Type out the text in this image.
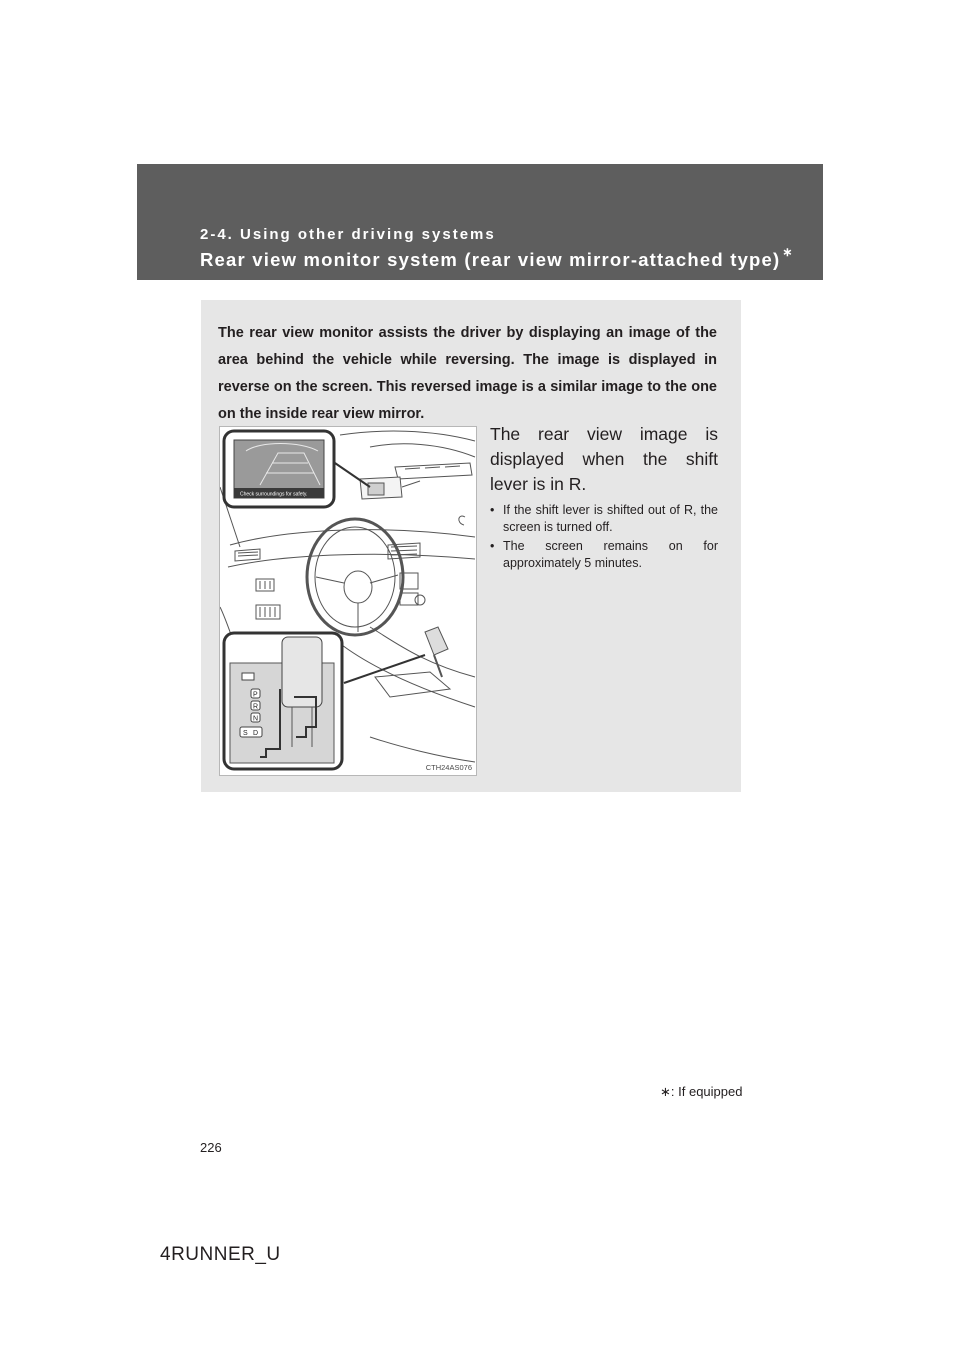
2-4. Using other driving systems
Rear view monitor system (rear view mirror-attached type) ∗
The rear view monitor assists the driver by displaying an image of the area behind the vehicle while reversing. The image is displayed in reverse on the screen. This reversed image is a similar image to the one on the inside rear view mirror.
Check surroundings for safety.
P
R
N
S D
CTH24AS076
The rear view image is displayed when the shift lever is in R.
• If the shift lever is shifted out of R, the screen is turned off.
• The screen remains on for approximately 5 minutes.
∗: If equipped
226
4RUNNER_U
